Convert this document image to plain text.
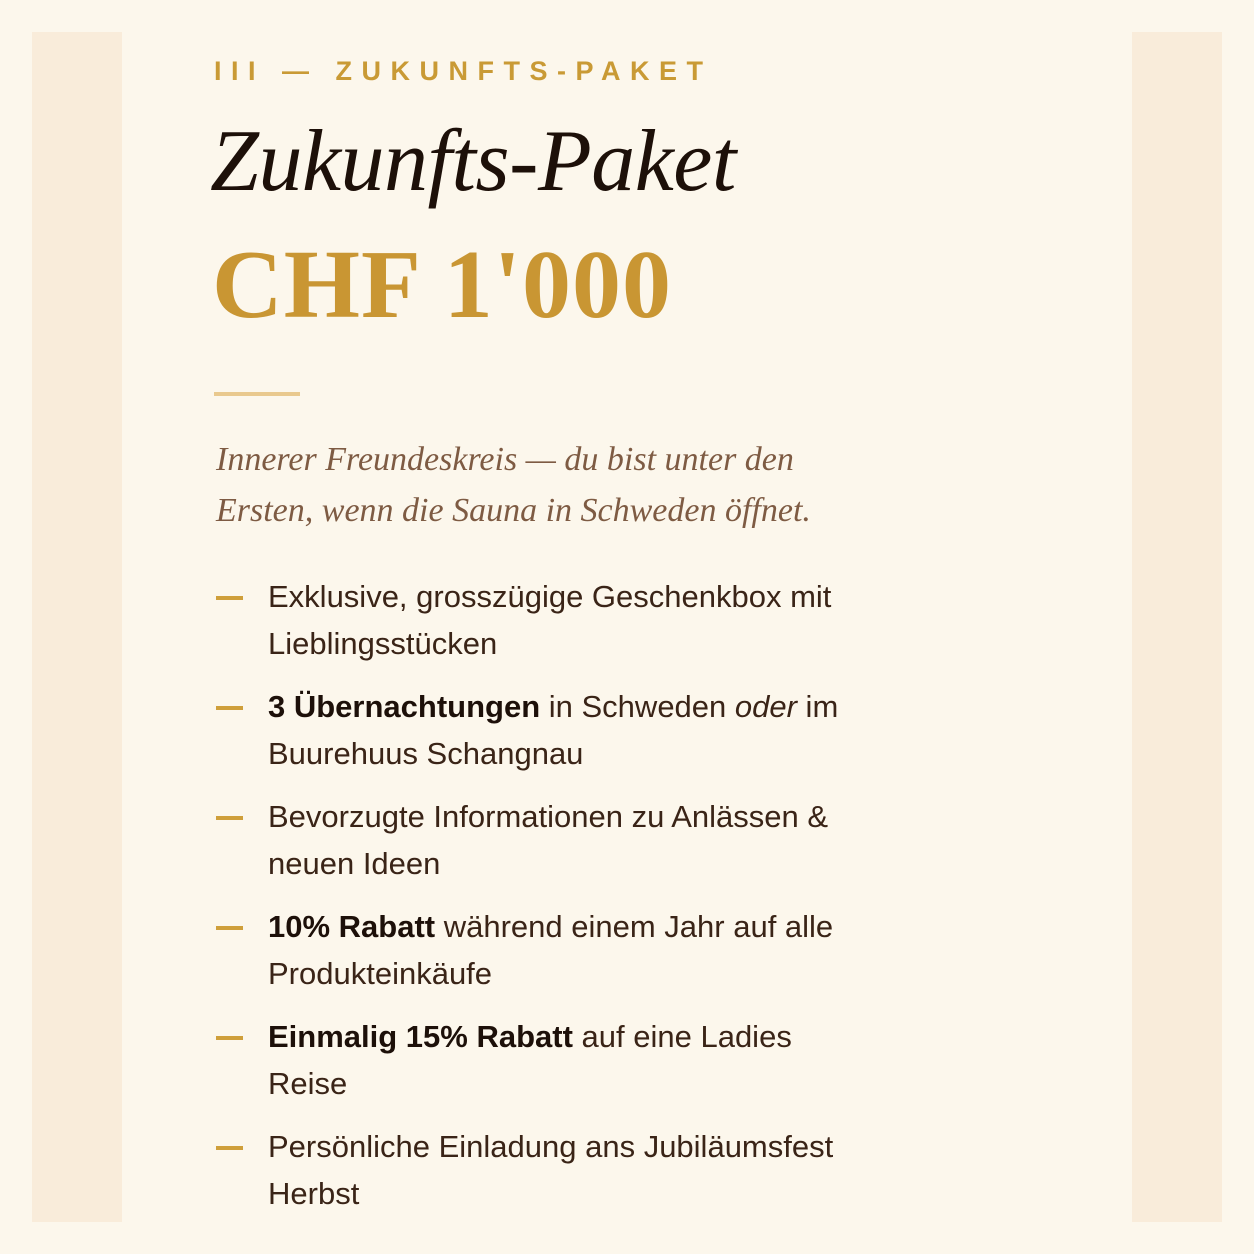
III — ZUKUNFTS-PAKET
Zukunfts-Paket
CHF 1'000

Innerer Freundeskreis — du bist unter den Ersten, wenn die Sauna in Schweden öffnet.

Exklusive, grosszügige Geschenkbox mit Lieblingsstücken
3 Übernachtungen in Schweden oder im Buurehuus Schangnau
Bevorzugte Informationen zu Anlässen & neuen Ideen
10% Rabatt während einem Jahr auf alle Produkteinkäufe
Einmalig 15% Rabatt auf eine Ladies Reise
Persönliche Einladung ans Jubiläumsfest Herbst
